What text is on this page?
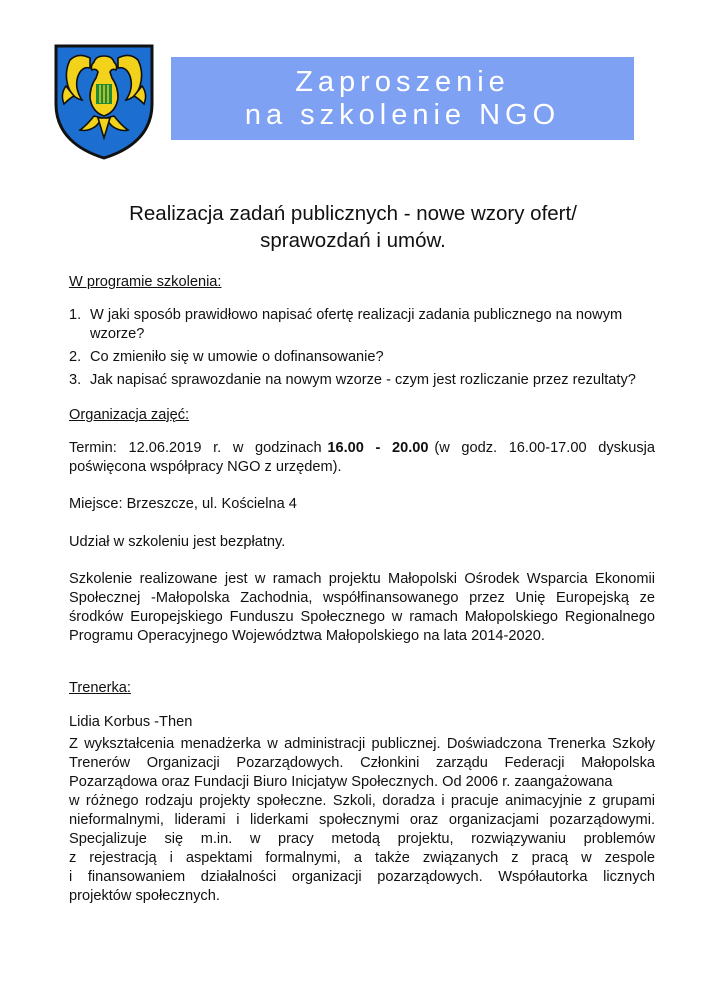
Zaproszenie
na szkolenie NGO
Realizacja zadań publicznych - nowe wzory ofert/
sprawozdań i umów.

W programie szkolenia:

1. W jaki sposób prawidłowo napisać ofertę realizacji zadania publicznego na nowym wzorze?
2. Co zmieniło się w umowie o dofinansowanie?
3. Jak napisać sprawozdanie na nowym wzorze - czym jest rozliczanie przez rezultaty?

Organizacja zajęć:

Termin:  12.06.2019  r.  w  godzinach 16.00  -  20.00 (w  godz.  16.00-17.00  dyskusja
poświęcona współpracy NGO z urzędem).

Miejsce: Brzeszcze, ul. Kościelna 4

Udział w szkoleniu jest bezpłatny.

Szkolenie realizowane jest w ramach projektu Małopolski Ośrodek Wsparcia Ekonomii
Społecznej -Małopolska Zachodnia, współfinansowanego przez Unię Europejską ze
środków Europejskiego Funduszu Społecznego w ramach Małopolskiego Regionalnego
Programu Operacyjnego Województwa Małopolskiego na lata 2014-2020.

Trenerka:

Lidia Korbus -Then

Z wykształcenia menadżerka w administracji publicznej. Doświadczona Trenerka Szkoły
Trenerów Organizacji Pozarządowych. Członkini zarządu Federacji Małopolska
Pozarządowa oraz Fundacji Biuro Inicjatyw Społecznych. Od 2006 r. zaangażowana
w różnego rodzaju projekty społeczne. Szkoli, doradza i pracuje animacyjnie z grupami
nieformalnymi, liderami i liderkami społecznymi oraz organizacjami pozarządowymi.
Specjalizuje się m.in. w pracy metodą projektu, rozwiązywaniu problemów
z rejestracją i aspektami formalnymi, a także związanych z pracą w zespole
i finansowaniem działalności organizacji pozarządowych. Współautorka licznych
projektów społecznych.
